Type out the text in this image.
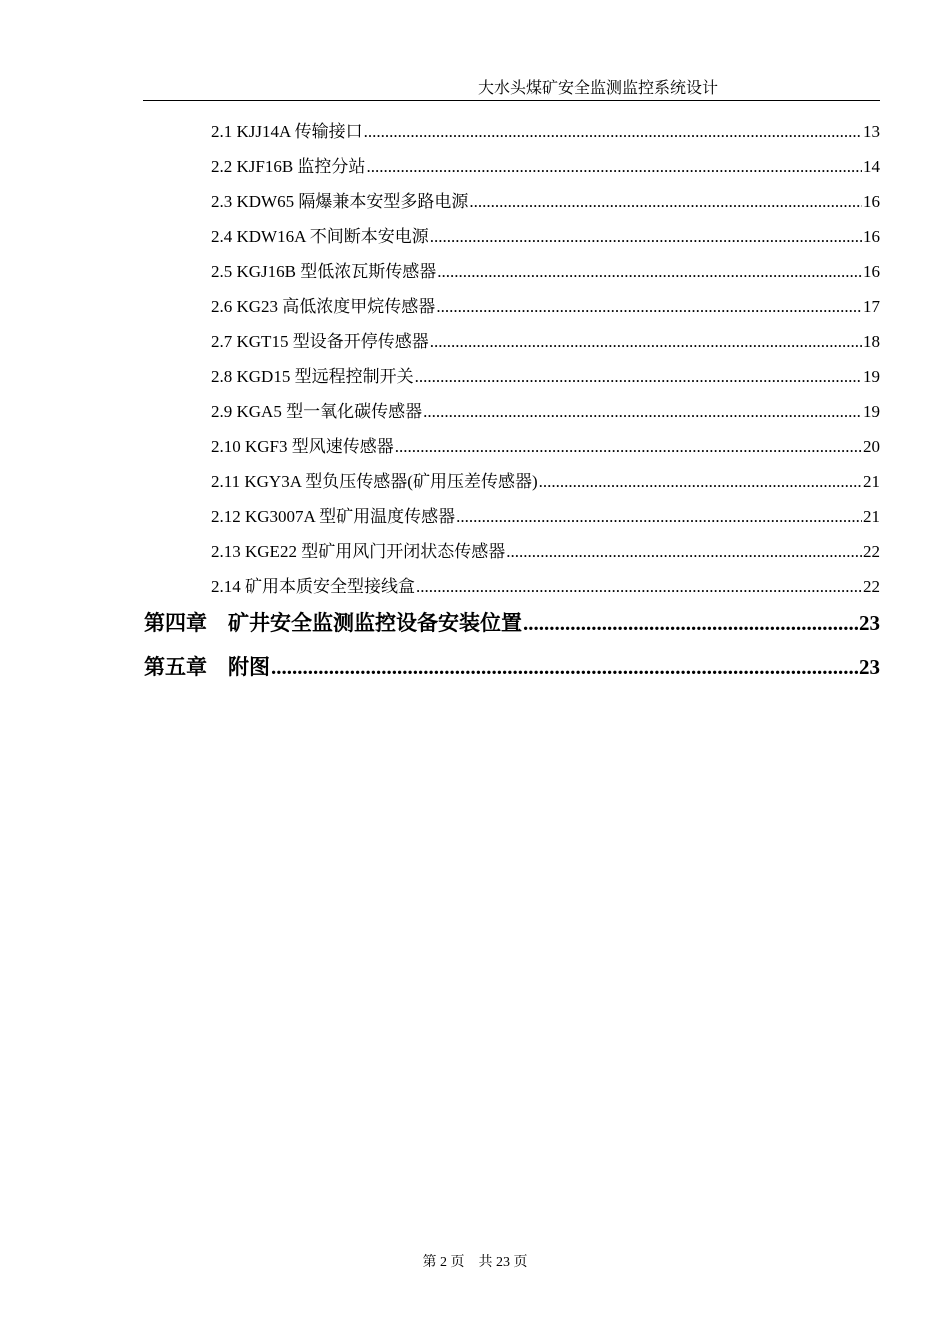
大水头煤矿安全监测监控系统设计
2.1 KJJ14A 传输接口 .....	13
2.2 KJF16B 监控分站 .....	14
2.3 KDW65 隔爆兼本安型多路电源 .....	16
2.4 KDW16A 不间断本安电源 .....	16
2.5 KGJ16B 型低浓瓦斯传感器 .....	16
2.6 KG23 高低浓度甲烷传感器 .....	17
2.7 KGT15 型设备开停传感器 .....	18
2.8 KGD15 型远程控制开关 .....	19
2.9 KGA5 型一氧化碳传感器 .....	19
2.10 KGF3 型风速传感器 .....	20
2.11 KGY3A 型负压传感器(矿用压差传感器) .....	21
2.12 KG3007A 型矿用温度传感器 .....	21
2.13 KGE22 型矿用风门开闭状态传感器 .....	22
2.14 矿用本质安全型接线盒 .....	22
第四章　矿井安全监测监控设备安装位置 .....	23
第五章　附图 .....	23
第 2 页　共 23 页
